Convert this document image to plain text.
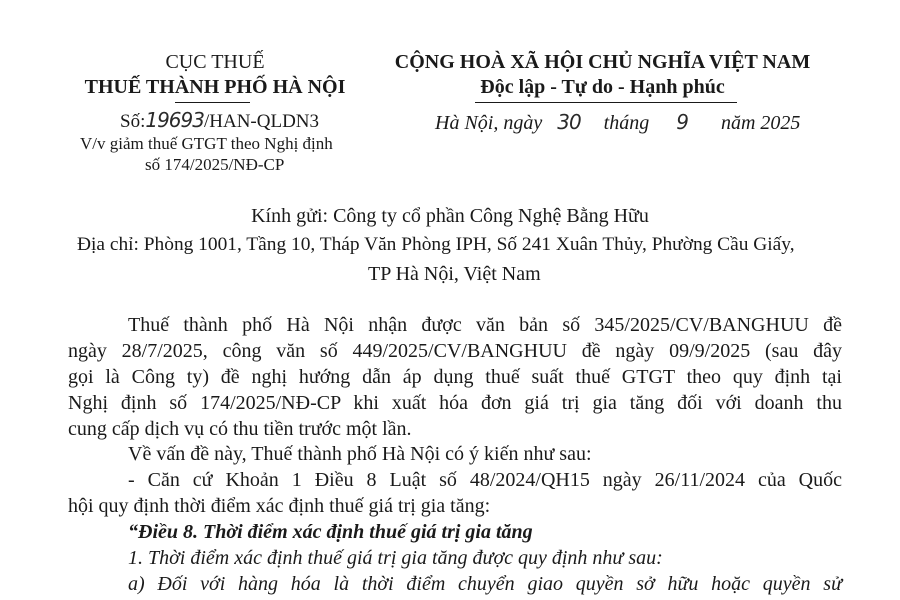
CỤC THUẾ
THUẾ THÀNH PHỐ HÀ NỘI
Số:19693/HAN-QLDN3
V/v giảm thuế GTGT theo Nghị định
số 174/2025/NĐ-CP
CỘNG HOÀ XÃ HỘI CHỦ NGHĨA VIỆT NAM
Độc lập - Tự do - Hạnh phúc
Hà Nội, ngày 30 tháng 9 năm 2025
Kính gửi: Công ty cổ phần Công Nghệ Bằng Hữu
Địa chỉ: Phòng 1001, Tầng 10, Tháp Văn Phòng IPH, Số 241 Xuân Thủy, Phường Cầu Giấy,
TP Hà Nội, Việt Nam
Thuế thành phố Hà Nội nhận được văn bản số 345/2025/CV/BANGHUU đề
ngày 28/7/2025, công văn số 449/2025/CV/BANGHUU đề ngày 09/9/2025 (sau đây
gọi là Công ty) đề nghị hướng dẫn áp dụng thuế suất thuế GTGT theo quy định tại
Nghị định số 174/2025/NĐ-CP khi xuất hóa đơn giá trị gia tăng đối với doanh thu
cung cấp dịch vụ có thu tiền trước một lần.
Về vấn đề này, Thuế thành phố Hà Nội có ý kiến như sau:
- Căn cứ Khoản 1 Điều 8 Luật số 48/2024/QH15 ngày 26/11/2024 của Quốc
hội quy định thời điểm xác định thuế giá trị gia tăng:
“Điều 8. Thời điểm xác định thuế giá trị gia tăng
1. Thời điểm xác định thuế giá trị gia tăng được quy định như sau:
a) Đối với hàng hóa là thời điểm chuyển giao quyền sở hữu hoặc quyền sử
